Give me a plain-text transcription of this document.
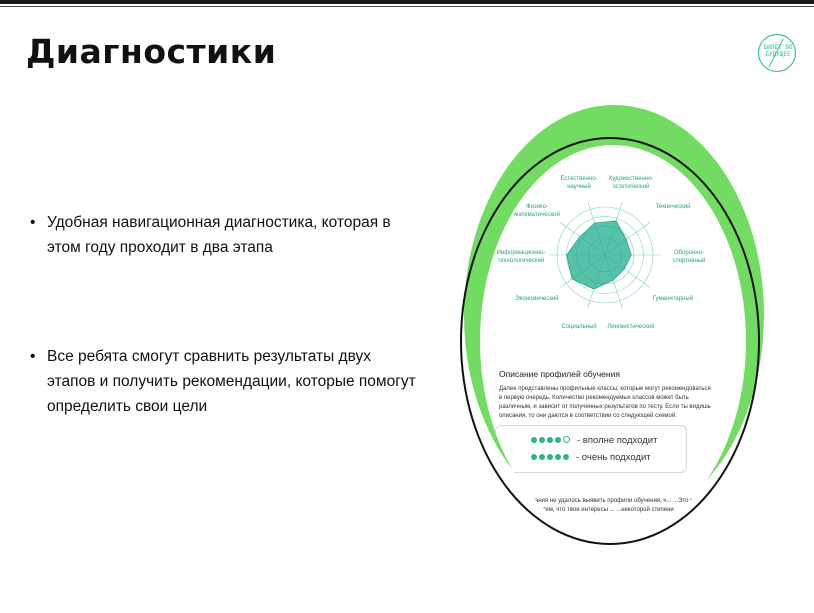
Диагностики	БИЛЕТ ВО БУДУЩЕЕ
• Удобная навигационная диагностика, которая в этом году проходит в два этапа
• Все ребята смогут сравнить результаты двух этапов и получить рекомендации, которые помогут определить свои цели
Художественно-
эстетический
Технический
Оборонно-
спортивный
Гуманитарный
Лингвистический
Социальный
Экономический
Информационно-
технологический
Физико-
математический
Естественно-
научный
Описание профилей обучения
Далее представлены профильные классы, которые могут рекомендоваться в первую очередь. Количество рекомендуемых классов может быть различным, и зависит от полученных результатов по тесту. Если ты видишь описания, то они даются в соответствии со следующей схемой:
- вполне подходит
- очень подходит
...ы тестирования не удалось выявить профили обучения, ч... ...Это может быть связано с тем, что твои интересы ... ...некоторой степени «противоречи...
